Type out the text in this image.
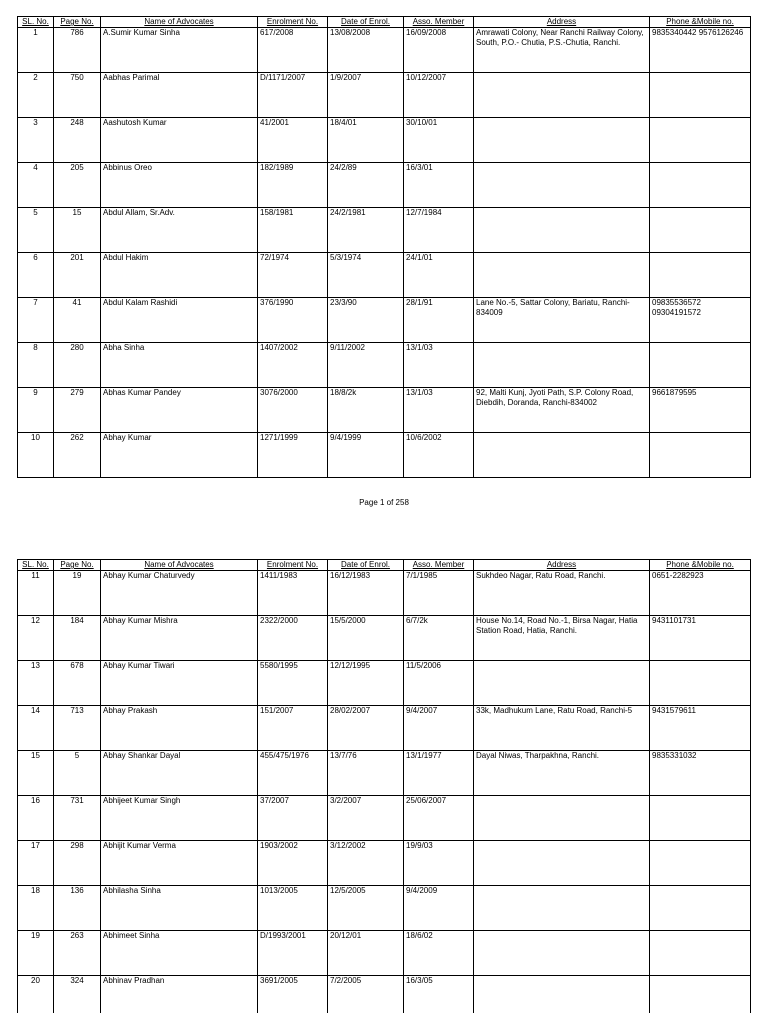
SL. No.	Page No.	Name of Advocates	Enrolment No.	Date of Enrol.	Asso. Member	Address	Phone &Mobile no.
1	786	A.Sumir Kumar Sinha	617/2008	13/08/2008	16/09/2008	Amrawati Colony, Near Ranchi Railway Colony, South, P.O.- Chutia, P.S.-Chutia, Ranchi.	9835340442 9576126246
2	750	Aabhas Parimal	D/1171/2007	1/9/2007	10/12/2007		
3	248	Aashutosh Kumar	41/2001	18/4/01	30/10/01		
4	205	Abbinus Oreo	182/1989	24/2/89	16/3/01		
5	15	Abdul Allam, Sr.Adv.	158/1981	24/2/1981	12/7/1984		
6	201	Abdul Hakim	72/1974	5/3/1974	24/1/01		
7	41	Abdul Kalam Rashidi	376/1990	23/3/90	28/1/91	Lane No.-5, Sattar Colony, Bariatu, Ranchi-834009	09835536572 09304191572
8	280	Abha Sinha	1407/2002	9/11/2002	13/1/03		
9	279	Abhas Kumar Pandey	3076/2000	18/8/2k	13/1/03	92, Malti Kunj, Jyoti Path, S.P. Colony Road, Diebdih, Doranda, Ranchi-834002	9661879595
10	262	Abhay Kumar	1271/1999	9/4/1999	10/6/2002		
Page 1 of 258
SL. No.	Page No.	Name of Advocates	Enrolment No.	Date of Enrol.	Asso. Member	Address	Phone &Mobile no.
11	19	Abhay Kumar Chaturvedy	1411/1983	16/12/1983	7/1/1985	Sukhdeo Nagar, Ratu Road, Ranchi.	0651-2282923
12	184	Abhay Kumar Mishra	2322/2000	15/5/2000	6/7/2k	House No.14, Road No.-1, Birsa Nagar, Hatia Station Road, Hatia, Ranchi.	9431101731
13	678	Abhay Kumar Tiwari	5580/1995	12/12/1995	11/5/2006		
14	713	Abhay Prakash	151/2007	28/02/2007	9/4/2007	33k, Madhukum Lane, Ratu Road, Ranchi-5	9431579611
15	5	Abhay Shankar Dayal	455/475/1976	13/7/76	13/1/1977	Dayal Niwas, Tharpakhna, Ranchi.	9835331032
16	731	Abhijeet Kumar Singh	37/2007	3/2/2007	25/06/2007		
17	298	Abhijit Kumar Verma	1903/2002	3/12/2002	19/9/03		
18	136	Abhilasha Sinha	1013/2005	12/5/2005	9/4/2009		
19	263	Abhimeet Sinha	D/1993/2001	20/12/01	18/6/02		
20	324	Abhinav Pradhan	3691/2005	7/2/2005	16/3/05		
